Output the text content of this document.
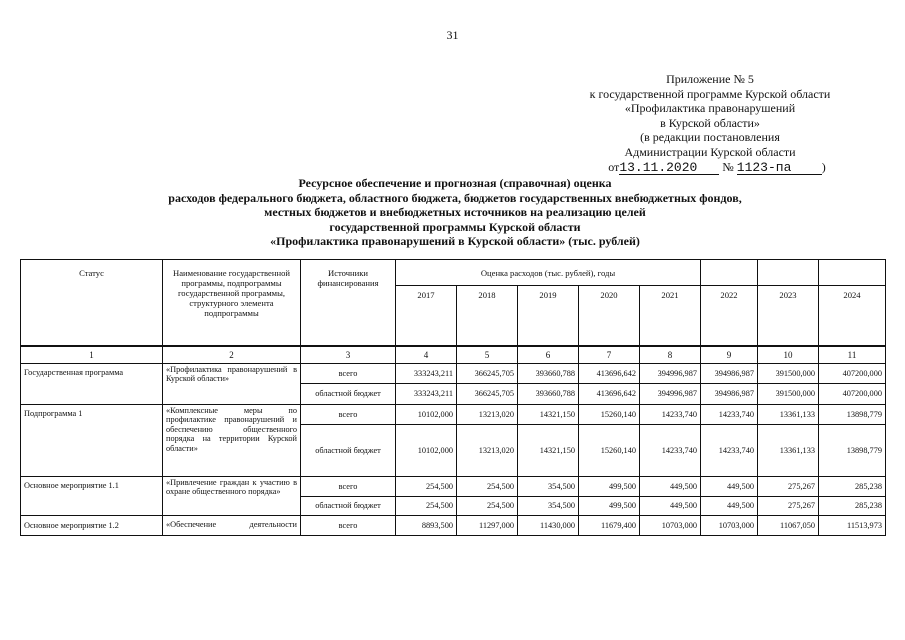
31
Приложение № 5
к государственной программе Курской области
«Профилактика правонарушений
в Курской области»
(в редакции постановления
Администрации Курской области
от13.11.2020 № 1123-па	)
Ресурсное обеспечение и прогнозная (справочная) оценка
расходов федерального бюджета, областного бюджета, бюджетов государственных внебюджетных фондов,
местных бюджетов и внебюджетных источников на реализацию целей
государственной программы Курской области
«Профилактика правонарушений в Курской области» (тыс. рублей)
Статус	Наименование государственной программы, подпрограммы государственной программы, структурного элемента подпрограммы	Источники финансирования	Оценка расходов (тыс. рублей), годы							
			2017	2018	2019	2020	2021	2022	2023	2024
1	2	3	4	5	6	7	8	9	10	11
Государственная программа	«Профилактика правонарушений в Курской области»	всего	333243,211	366245,705	393660,788	413696,642	394996,987	394986,987	391500,000	407200,000
		областной бюджет	333243,211	366245,705	393660,788	413696,642	394996,987	394986,987	391500,000	407200,000
Подпрограмма 1	«Комплексные меры по профилактике правонарушений и обеспечению общественного порядка на территории Курской области»	всего	10102,000	13213,020	14321,150	15260,140	14233,740	14233,740	13361,133	13898,779
		областной бюджет	10102,000	13213,020	14321,150	15260,140	14233,740	14233,740	13361,133	13898,779
Основное мероприятие 1.1	«Привлечение граждан к участию в охране общественного порядка»	всего	254,500	254,500	354,500	499,500	449,500	449,500	275,267	285,238
		областной бюджет	254,500	254,500	354,500	499,500	449,500	449,500	275,267	285,238
Основное мероприятие 1.2	«Обеспечение деятельности	всего	8893,500	11297,000	11430,000	11679,400	10703,000	10703,000	11067,050	11513,973
